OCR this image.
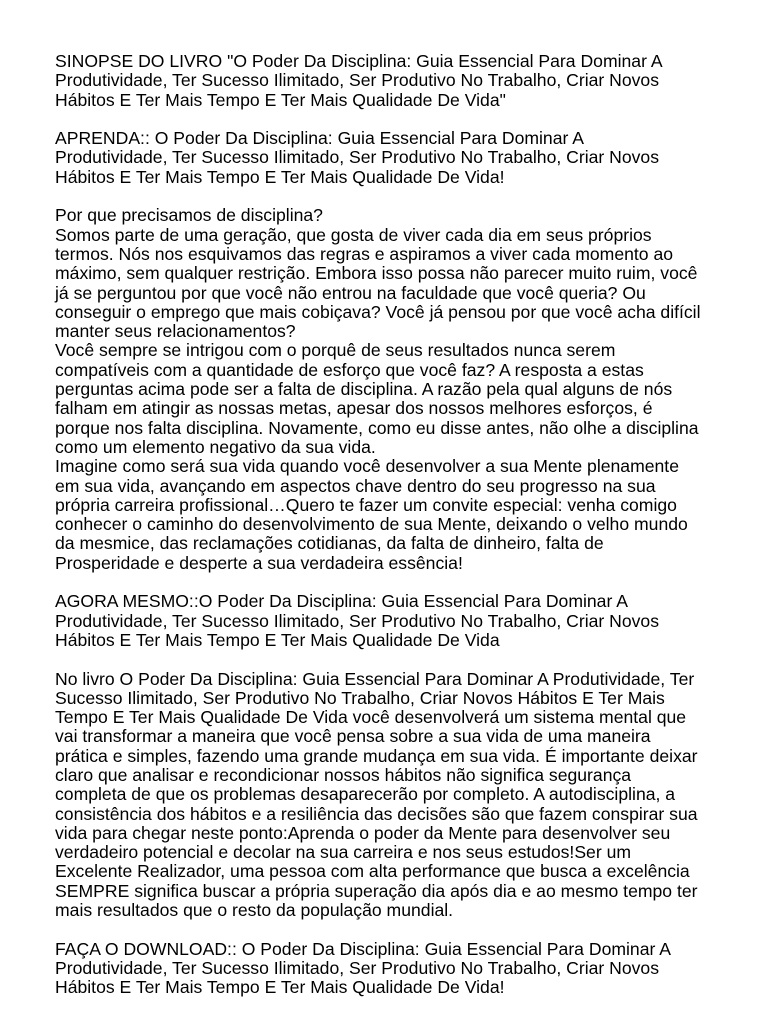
SINOPSE DO LIVRO "O Poder Da Disciplina: Guia Essencial Para Dominar A
Produtividade, Ter Sucesso Ilimitado, Ser Produtivo No Trabalho, Criar Novos
Hábitos E Ter Mais Tempo E Ter Mais Qualidade De Vida"

APRENDA:: O Poder Da Disciplina: Guia Essencial Para Dominar A
Produtividade, Ter Sucesso Ilimitado, Ser Produtivo No Trabalho, Criar Novos
Hábitos E Ter Mais Tempo E Ter Mais Qualidade De Vida!

Por que precisamos de disciplina?
Somos parte de uma geração, que gosta de viver cada dia em seus próprios
termos. Nós nos esquivamos das regras e aspiramos a viver cada momento ao
máximo, sem qualquer restrição. Embora isso possa não parecer muito ruim, você
já se perguntou por que você não entrou na faculdade que você queria? Ou
conseguir o emprego que mais cobiçava? Você já pensou por que você acha difícil
manter seus relacionamentos?
Você sempre se intrigou com o porquê de seus resultados nunca serem
compatíveis com a quantidade de esforço que você faz? A resposta a estas
perguntas acima pode ser a falta de disciplina. A razão pela qual alguns de nós
falham em atingir as nossas metas, apesar dos nossos melhores esforços, é
porque nos falta disciplina. Novamente, como eu disse antes, não olhe a disciplina
como um elemento negativo da sua vida.
Imagine como será sua vida quando você desenvolver a sua Mente plenamente
em sua vida, avançando em aspectos chave dentro do seu progresso na sua
própria carreira profissional…Quero te fazer um convite especial: venha comigo
conhecer o caminho do desenvolvimento de sua Mente, deixando o velho mundo
da mesmice, das reclamações cotidianas, da falta de dinheiro, falta de
Prosperidade e desperte a sua verdadeira essência!

AGORA MESMO::O Poder Da Disciplina: Guia Essencial Para Dominar A
Produtividade, Ter Sucesso Ilimitado, Ser Produtivo No Trabalho, Criar Novos
Hábitos E Ter Mais Tempo E Ter Mais Qualidade De Vida

No livro O Poder Da Disciplina: Guia Essencial Para Dominar A Produtividade, Ter
Sucesso Ilimitado, Ser Produtivo No Trabalho, Criar Novos Hábitos E Ter Mais
Tempo E Ter Mais Qualidade De Vida você desenvolverá um sistema mental que
vai transformar a maneira que você pensa sobre a sua vida de uma maneira
prática e simples, fazendo uma grande mudança em sua vida. É importante deixar
claro que analisar e recondicionar nossos hábitos não significa segurança
completa de que os problemas desaparecerão por completo. A autodisciplina, a
consistência dos hábitos e a resiliência das decisões são que fazem conspirar sua
vida para chegar neste ponto:Aprenda o poder da Mente para desenvolver seu
verdadeiro potencial e decolar na sua carreira e nos seus estudos!Ser um
Excelente Realizador, uma pessoa com alta performance que busca a excelência
SEMPRE significa buscar a própria superação dia após dia e ao mesmo tempo ter
mais resultados que o resto da população mundial.

FAÇA O DOWNLOAD:: O Poder Da Disciplina: Guia Essencial Para Dominar A
Produtividade, Ter Sucesso Ilimitado, Ser Produtivo No Trabalho, Criar Novos
Hábitos E Ter Mais Tempo E Ter Mais Qualidade De Vida!
